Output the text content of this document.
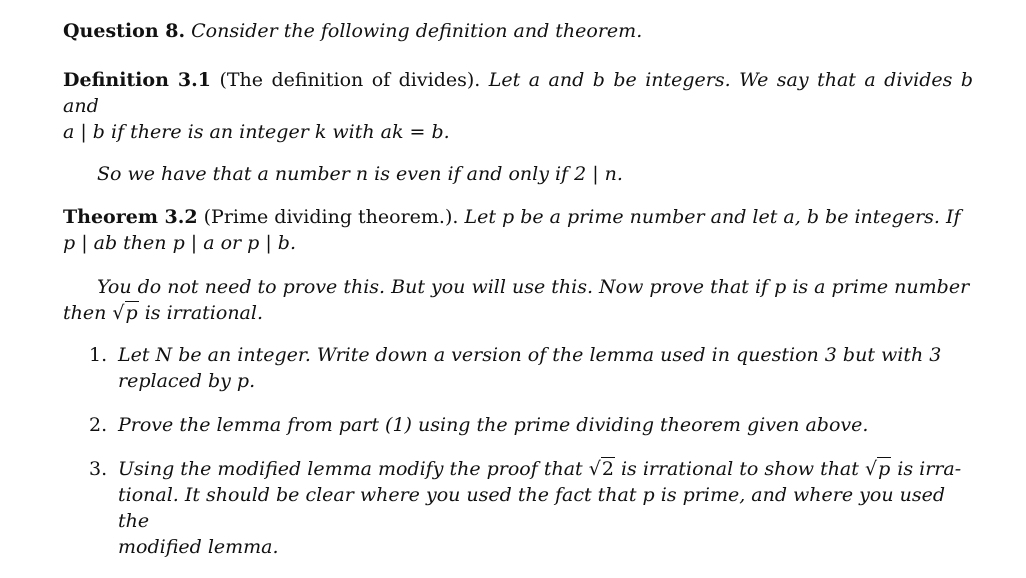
Question 8. Consider the following definition and theorem.

Definition 3.1 (The definition of divides). Let a and b be integers. We say that a divides b and
a | b if there is an integer k with ak = b.

So we have that a number n is even if and only if 2 | n.

Theorem 3.2 (Prime dividing theorem.). Let p be a prime number and let a, b be integers. If
p | ab then p | a or p | b.

You do not need to prove this. But you will use this. Now prove that if p is a prime number
then √p is irrational.

1. Let N be an integer. Write down a version of the lemma used in question 3 but with 3
replaced by p.
2. Prove the lemma from part (1) using the prime dividing theorem given above.
3. Using the modified lemma modify the proof that √2 is irrational to show that √p is irra-
tional. It should be clear where you used the fact that p is prime, and where you used the
modified lemma.
